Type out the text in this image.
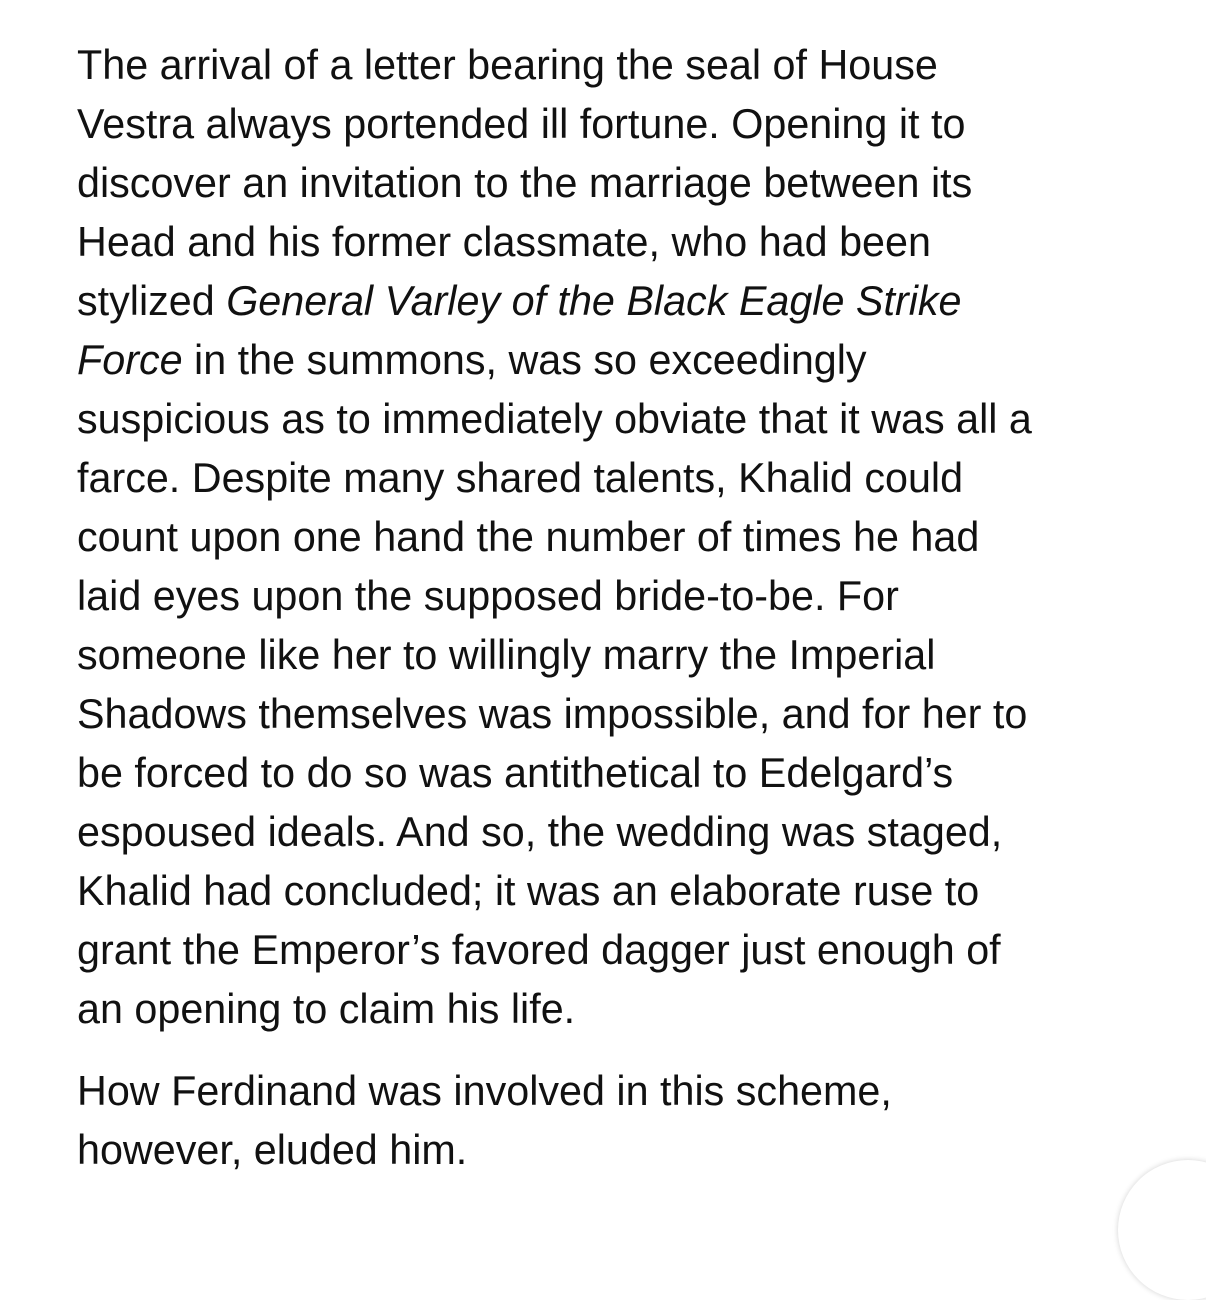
The arrival of a letter bearing the seal of House
Vestra always portended ill fortune. Opening it to
discover an invitation to the marriage between its
Head and his former classmate, who had been
stylized General Varley of the Black Eagle Strike
Force in the summons, was so exceedingly
suspicious as to immediately obviate that it was all a
farce. Despite many shared talents, Khalid could
count upon one hand the number of times he had
laid eyes upon the supposed bride-to-be. For
someone like her to willingly marry the Imperial
Shadows themselves was impossible, and for her to
be forced to do so was antithetical to Edelgard’s
espoused ideals. And so, the wedding was staged,
Khalid had concluded; it was an elaborate ruse to
grant the Emperor’s favored dagger just enough of
an opening to claim his life.

How Ferdinand was involved in this scheme,
however, eluded him.
